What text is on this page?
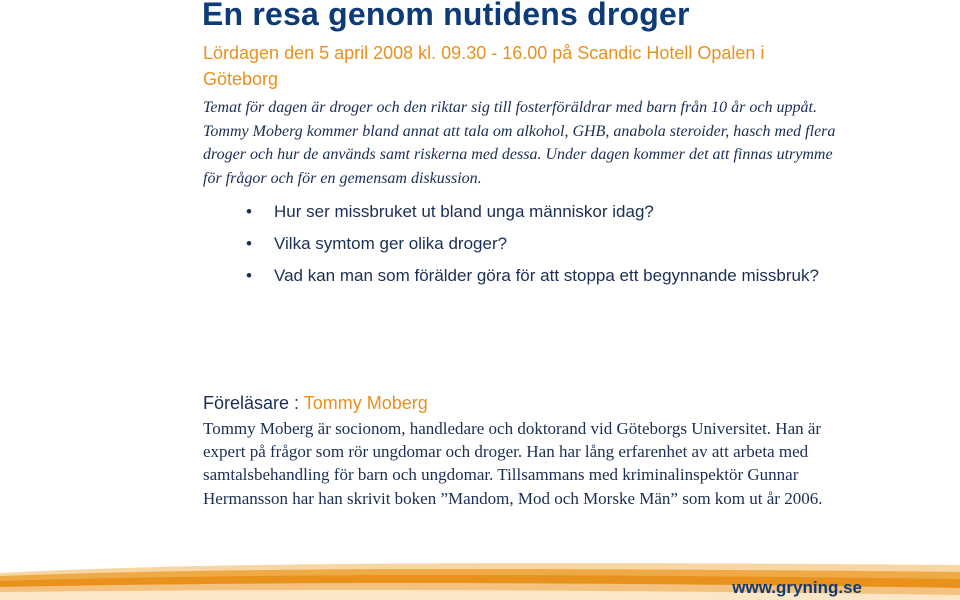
En resa genom nutidens droger
Lördagen den 5 april 2008 kl. 09.30 - 16.00 på Scandic Hotell Opalen i Göteborg

Temat för dagen är droger och den riktar sig till fosterföräldrar med barn från 10 år och uppåt. Tommy Moberg kommer bland annat att tala om alkohol, GHB, anabola steroider, hasch med flera droger och hur de används samt riskerna med dessa. Under dagen kommer det att finnas utrymme för frågor och för en gemensam diskussion.

• Hur ser missbruket ut bland unga människor idag?
• Vilka symtom ger olika droger?
• Vad kan man som förälder göra för att stoppa ett begynnande missbruk?
Föreläsare : Tommy Moberg

Tommy Moberg är socionom, handledare och doktorand vid Göteborgs Universitet. Han är expert på frågor som rör ungdomar och droger. Han har lång erfarenhet av att arbeta med samtalsbehandling för barn och ungdomar. Tillsammans med kriminalinspektör Gunnar Hermansson har han skrivit boken ”Mandom, Mod och Morske Män” som kom ut år 2006.

www.gryning.se
